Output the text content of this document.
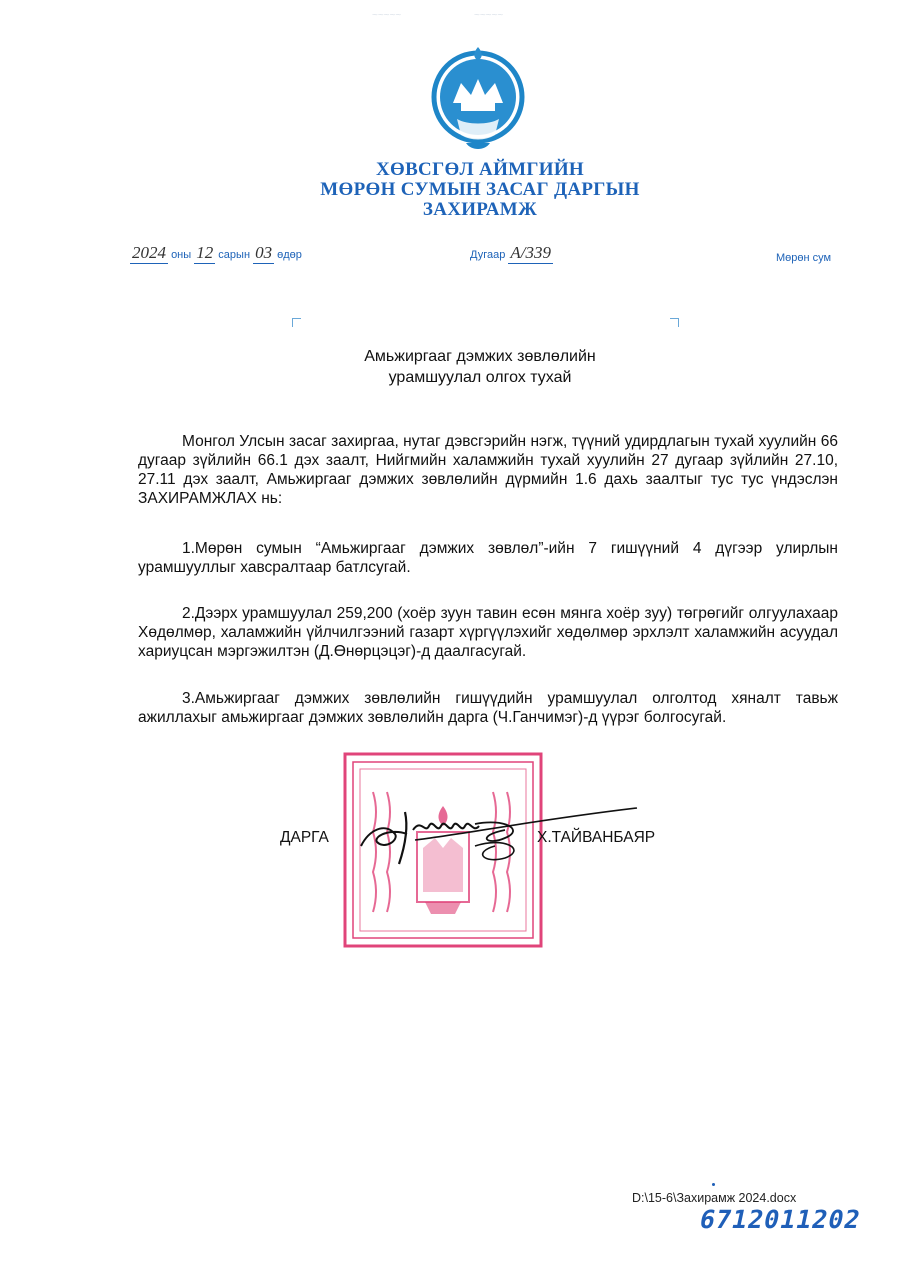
~~~~~	~~~~~
ХӨВСГӨЛ АЙМГИЙН
МӨРӨН СУМЫН ЗАСАГ ДАРГЫН
ЗАХИРАМЖ
2024 оны 12 сарын 03 өдөр	Дугаар А/339	Мөрөн сум
Амьжиргааг дэмжих зөвлөлийн
урамшуулал олгох тухай
Монгол Улсын засаг захиргаа, нутаг дэвсгэрийн нэгж, түүний удирдлагын тухай хуулийн 66 дугаар зүйлийн 66.1 дэх заалт, Нийгмийн халамжийн тухай хуулийн 27 дугаар зүйлийн 27.10, 27.11 дэх заалт, Амьжиргааг дэмжих зөвлөлийн дүрмийн 1.6 дахь заалтыг тус тус үндэслэн ЗАХИРАМЖЛАХ нь:
1.Мөрөн сумын “Амьжиргааг дэмжих зөвлөл”-ийн 7 гишүүний 4 дүгээр улирлын урамшууллыг хавсралтаар батлсугай.
2.Дээрх урамшуулал 259,200 (хоёр зуун тавин есөн мянга хоёр зуу) төгрөгийг олгуулахаар Хөдөлмөр, халамжийн үйлчилгээний газарт хүргүүлэхийг хөдөлмөр эрхлэлт халамжийн асуудал хариуцсан мэргэжилтэн (Д.Өнөрцэцэг)-д даалгасугай.
3.Амьжиргааг дэмжих зөвлөлийн гишүүдийн урамшуулал олголтод хяналт тавьж ажиллахыг амьжиргааг дэмжих зөвлөлийн дарга (Ч.Ганчимэг)-д үүрэг болгосугай.
ДАРГА	Х.ТАЙВАНБАЯР
D:\15-6\Захирамж 2024.docx
6712011202
